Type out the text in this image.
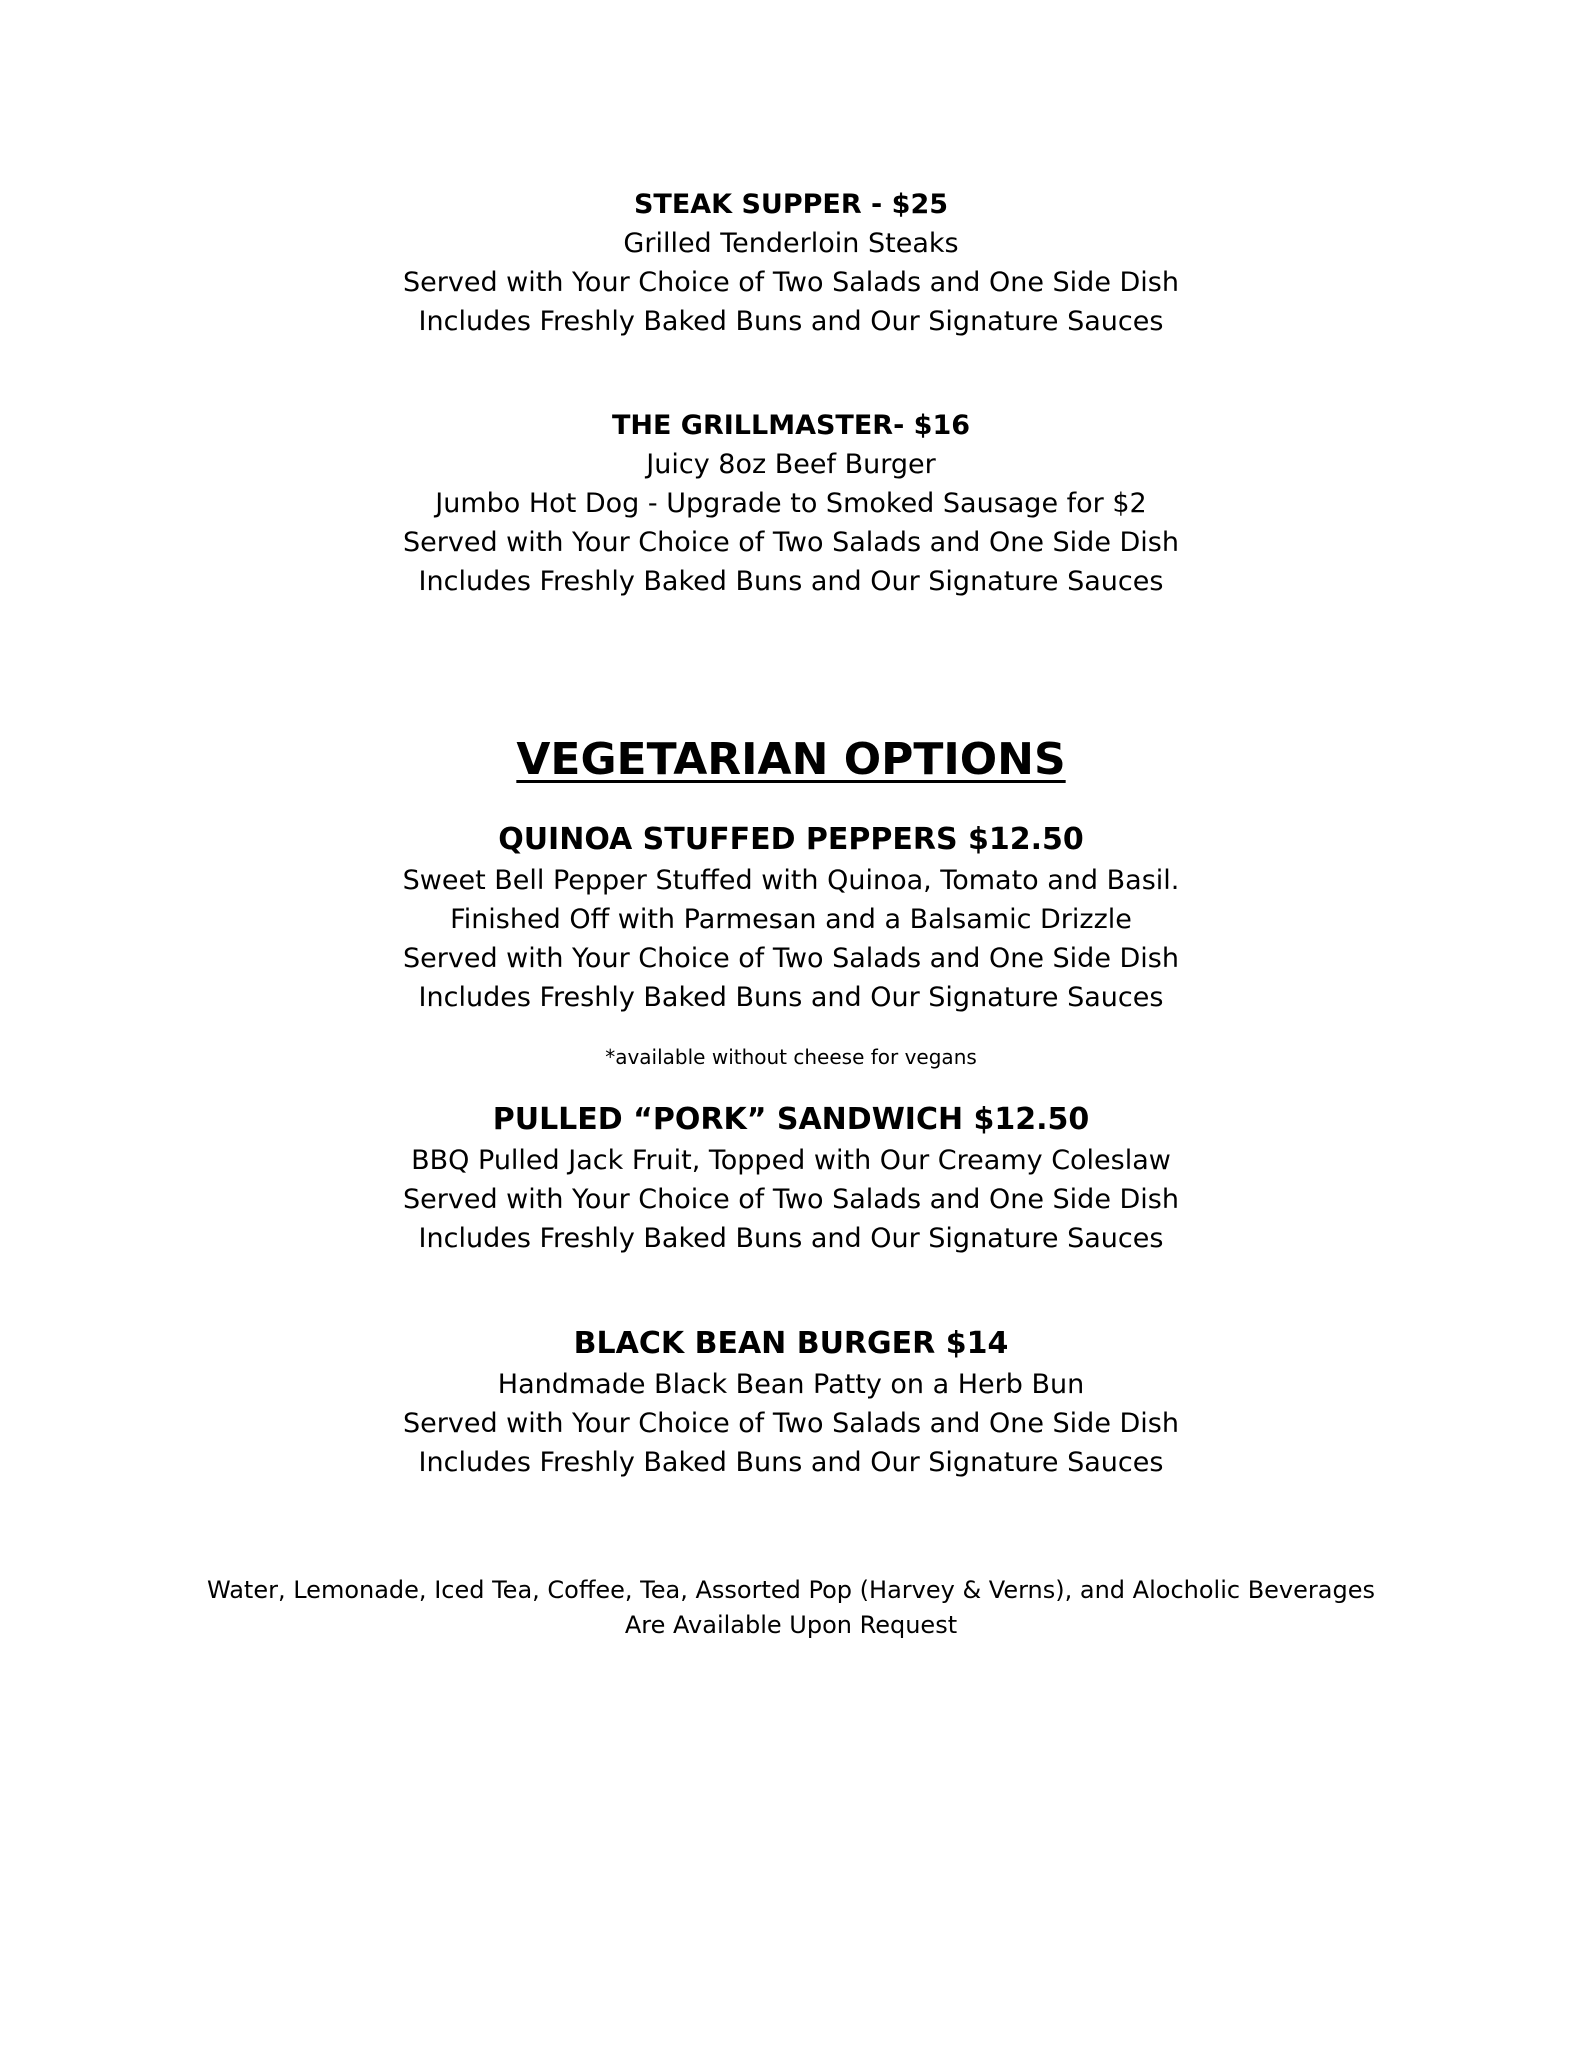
STEAK SUPPER - $25

Grilled Tenderloin Steaks

Served with Your Choice of Two Salads and One Side Dish

Includes Freshly Baked Buns and Our Signature Sauces

THE GRILLMASTER- $16

Juicy 8oz Beef Burger

Jumbo Hot Dog - Upgrade to Smoked Sausage for $2

Served with Your Choice of Two Salads and One Side Dish

Includes Freshly Baked Buns and Our Signature Sauces

VEGETARIAN OPTIONS

QUINOA STUFFED PEPPERS $12.50

Sweet Bell Pepper Stuffed with Quinoa, Tomato and Basil.

Finished Off with Parmesan and a Balsamic Drizzle

Served with Your Choice of Two Salads and One Side Dish

Includes Freshly Baked Buns and Our Signature Sauces

*available without cheese for vegans

PULLED “PORK” SANDWICH $12.50

BBQ Pulled Jack Fruit, Topped with Our Creamy Coleslaw

Served with Your Choice of Two Salads and One Side Dish

Includes Freshly Baked Buns and Our Signature Sauces

BLACK BEAN BURGER $14

Handmade Black Bean Patty on a Herb Bun

Served with Your Choice of Two Salads and One Side Dish

Includes Freshly Baked Buns and Our Signature Sauces

Water, Lemonade, Iced Tea, Coffee, Tea, Assorted Pop (Harvey & Verns), and Alocholic Beverages

Are Available Upon Request
